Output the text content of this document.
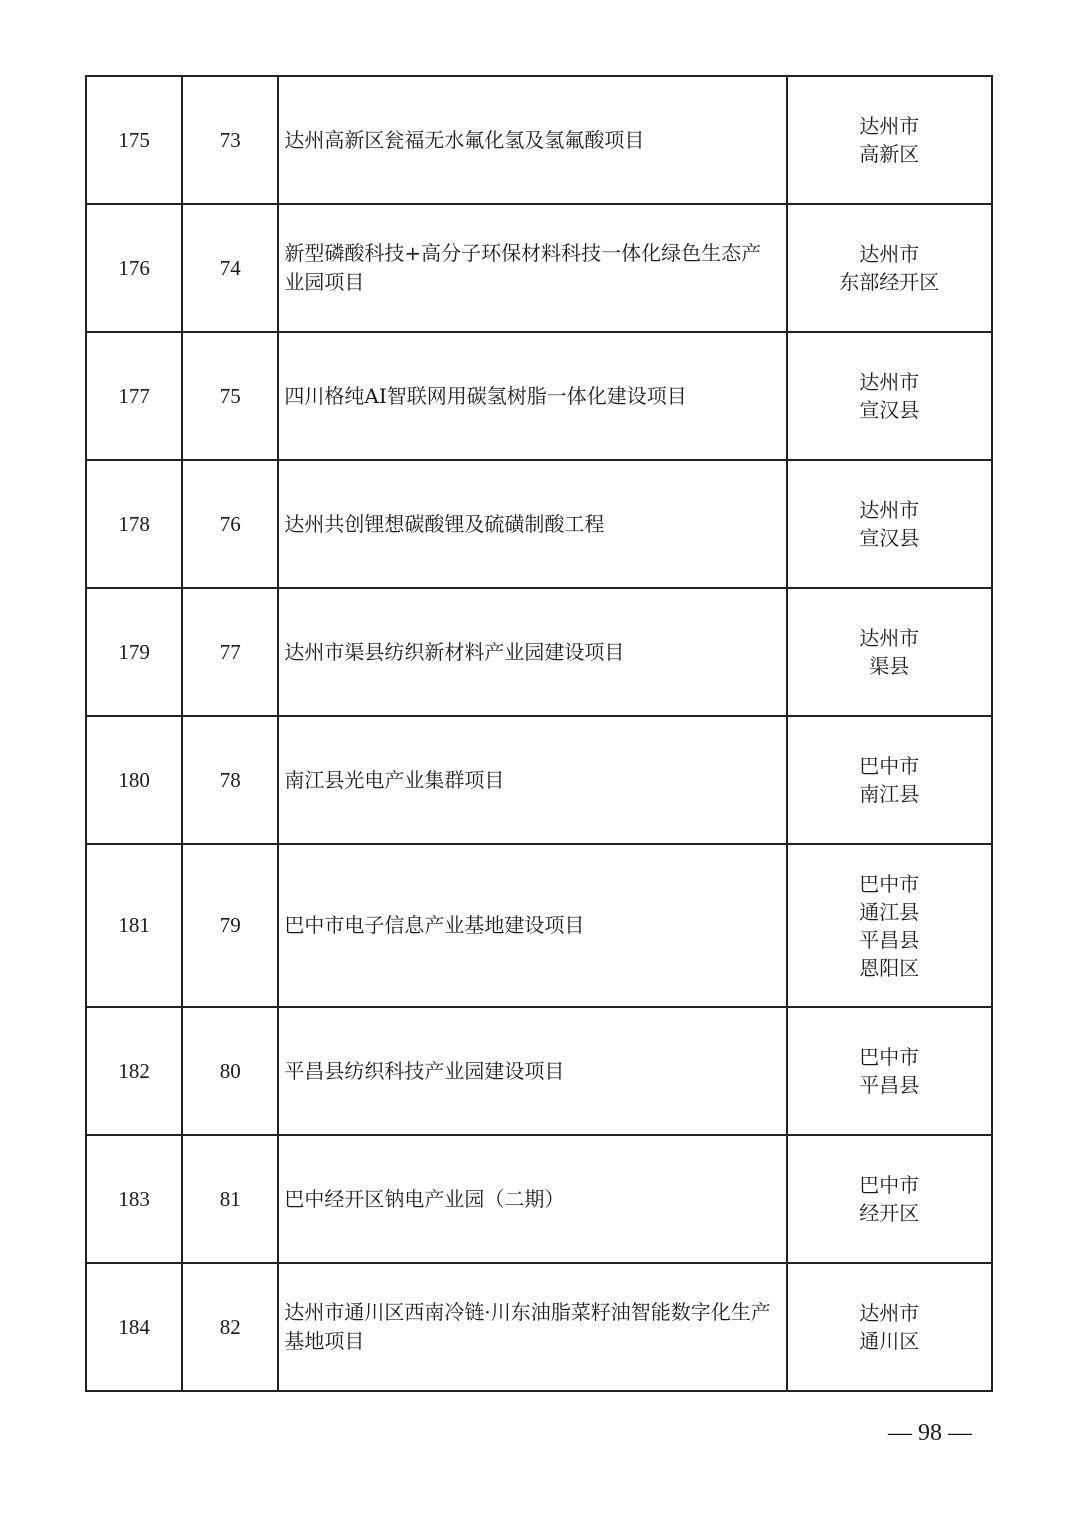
175	73	达州高新区瓮福无水氟化氢及氢氟酸项目	达州市
高新区

176	74	新型磷酸科技+高分子环保材料科技一体化绿色生态产业园项目	达州市
东部经开区

177	75	四川格纯AI智联网用碳氢树脂一体化建设项目	达州市
宣汉县

178	76	达州共创锂想碳酸锂及硫磺制酸工程	达州市
宣汉县

179	77	达州市渠县纺织新材料产业园建设项目	达州市
渠县

180	78	南江县光电产业集群项目	巴中市
南江县

181	79	巴中市电子信息产业基地建设项目	巴中市
通江县
平昌县
恩阳区

182	80	平昌县纺织科技产业园建设项目	巴中市
平昌县

183	81	巴中经开区钠电产业园（二期）	巴中市
经开区

184	82	达州市通川区西南冷链·川东油脂菜籽油智能数字化生产基地项目	达州市
通川区
— 98 —
